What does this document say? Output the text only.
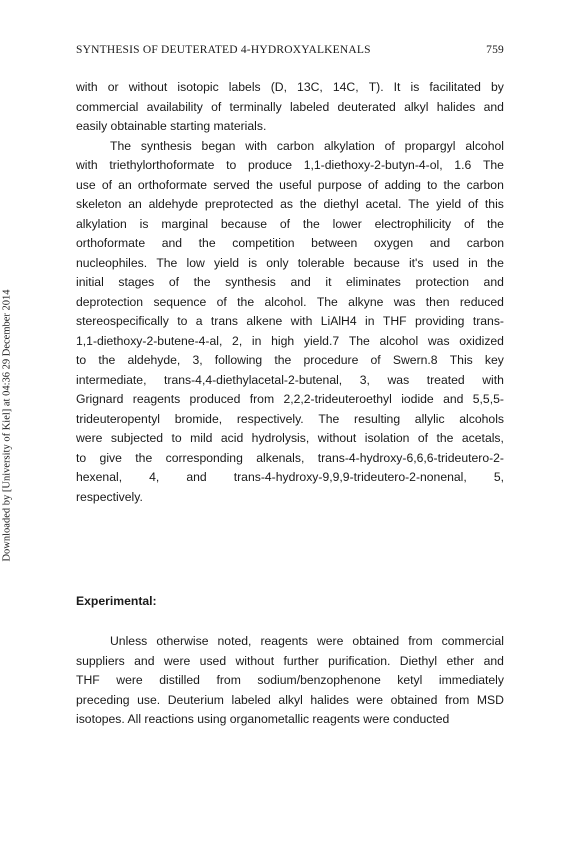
SYNTHESIS OF DEUTERATED 4-HYDROXYALKENALS	759
Downloaded by [University of Kiel] at 04:36 29 December 2014
with or without isotopic labels (D, 13C, 14C, T). It is facilitated by
commercial availability of terminally labeled deuterated alkyl halides and
easily obtainable starting materials.
The synthesis began with carbon alkylation of propargyl alcohol
with triethylorthoformate to produce 1,1-diethoxy-2-butyn-4-ol, 1.6 The
use of an orthoformate served the useful purpose of adding to the carbon
skeleton an aldehyde preprotected as the diethyl acetal. The yield of this
alkylation is marginal because of the lower electrophilicity of the
orthoformate and the competition between oxygen and carbon
nucleophiles. The low yield is only tolerable because it's used in the
initial stages of the synthesis and it eliminates protection and
deprotection sequence of the alcohol. The alkyne was then reduced
stereospecifically to a trans alkene with LiAlH4 in THF providing trans-
1,1-diethoxy-2-butene-4-al, 2, in high yield.7 The alcohol was oxidized
to the aldehyde, 3, following the procedure of Swern.8 This key
intermediate, trans-4,4-diethylacetal-2-butenal, 3, was treated with
Grignard reagents produced from 2,2,2-trideuteroethyl iodide and 5,5,5-
trideuteropentyl bromide, respectively. The resulting allylic alcohols
were subjected to mild acid hydrolysis, without isolation of the acetals,
to give the corresponding alkenals, trans-4-hydroxy-6,6,6-trideutero-2-
hexenal, 4, and trans-4-hydroxy-9,9,9-trideutero-2-nonenal, 5,
respectively.
Experimental:
Unless otherwise noted, reagents were obtained from commercial
suppliers and were used without further purification. Diethyl ether and
THF were distilled from sodium/benzophenone ketyl immediately
preceding use. Deuterium labeled alkyl halides were obtained from MSD
isotopes. All reactions using organometallic reagents were conducted
